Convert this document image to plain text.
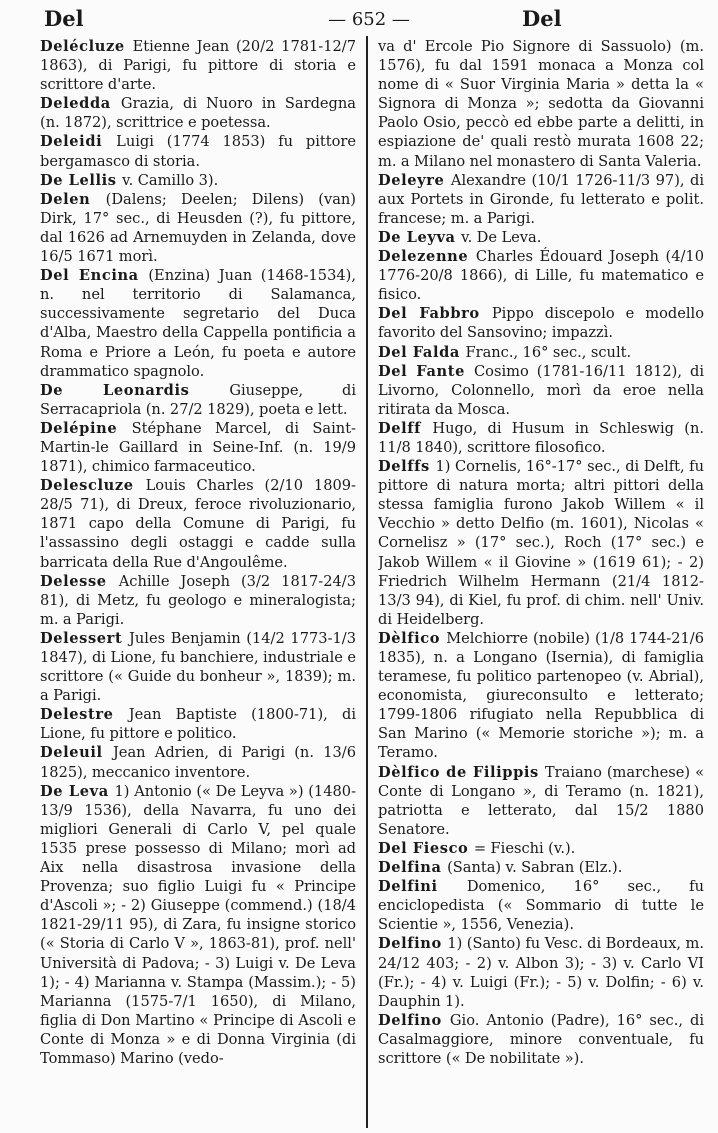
Del	— 652 —	Del
Delécluze Etienne Jean (20/2 1781-12/7 1863), di Parigi, fu pittore di storia e scrittore d'arte.
Deledda Grazia, di Nuoro in Sardegna (n. 1872), scrittrice e poetessa.
Deleidi Luigi (1774 1853) fu pittore bergamasco di storia.
De Lellis v. Camillo 3).
Delen (Dalens; Deelen; Dilens) (van) Dirk, 17° sec., di Heusden (?), fu pittore, dal 1626 ad Arnemuyden in Zelanda, dove 16/5 1671 morì.
Del Encina (Enzina) Juan (1468-1534), n. nel territorio di Salamanca, successivamente segretario del Duca d'Alba, Maestro della Cappella pontificia a Roma e Priore a León, fu poeta e autore drammatico spagnolo.
De Leonardis Giuseppe, di Serracapriola (n. 27/2 1829), poeta e lett.
Delépine Stéphane Marcel, di Saint-Martin-le Gaillard in Seine-Inf. (n. 19/9 1871), chimico farmaceutico.
Delescluze Louis Charles (2/10 1809-28/5 71), di Dreux, feroce rivoluzionario, 1871 capo della Comune di Parigi, fu l'assassino degli ostaggi e cadde sulla barricata della Rue d'Angoulême.
Delesse Achille Joseph (3/2 1817-24/3 81), di Metz, fu geologo e mineralogista; m. a Parigi.
Delessert Jules Benjamin (14/2 1773-1/3 1847), di Lione, fu banchiere, industriale e scrittore (« Guide du bonheur », 1839); m. a Parigi.
Delestre Jean Baptiste (1800-71), di Lione, fu pittore e politico.
Deleuil Jean Adrien, di Parigi (n. 13/6 1825), meccanico inventore.
De Leva 1) Antonio (« De Leyva ») (1480-13/9 1536), della Navarra, fu uno dei migliori Generali di Carlo V, pel quale 1535 prese possesso di Milano; morì ad Aix nella disastrosa invasione della Provenza; suo figlio Luigi fu « Principe d'Ascoli »; - 2) Giuseppe (commend.) (18/4 1821-29/11 95), di Zara, fu insigne storico (« Storia di Carlo V », 1863-81), prof. nell' Università di Padova; - 3) Luigi v. De Leva 1); - 4) Marianna v. Stampa (Massim.); - 5) Marianna (1575-7/1 1650), di Milano, figlia di Don Martino « Principe di Ascoli e Conte di Monza » e di Donna Virginia (di Tommaso) Marino (vedo-
va d' Ercole Pio Signore di Sassuolo) (m. 1576), fu dal 1591 monaca a Monza col nome di « Suor Virginia Maria » detta la « Signora di Monza »; sedotta da Giovanni Paolo Osio, peccò ed ebbe parte a delitti, in espiazione de' quali restò murata 1608 22; m. a Milano nel monastero di Santa Valeria.
Deleyre Alexandre (10/1 1726-11/3 97), di aux Portets in Gironde, fu letterato e polit. francese; m. a Parigi.
De Leyva v. De Leva.
Delezenne Charles Édouard Joseph (4/10 1776-20/8 1866), di Lille, fu matematico e fisico.
Del Fabbro Pippo discepolo e modello favorito del Sansovino; impazzì.
Del Falda Franc., 16° sec., scult.
Del Fante Cosimo (1781-16/11 1812), di Livorno, Colonnello, morì da eroe nella ritirata da Mosca.
Delff Hugo, di Husum in Schleswig (n. 11/8 1840), scrittore filosofico.
Delffs 1) Cornelis, 16°-17° sec., di Delft, fu pittore di natura morta; altri pittori della stessa famiglia furono Jakob Willem « il Vecchio » detto Delfio (m. 1601), Nicolas « Cornelisz » (17° sec.), Roch (17° sec.) e Jakob Willem « il Giovine » (1619 61); - 2) Friedrich Wilhelm Hermann (21/4 1812-13/3 94), di Kiel, fu prof. di chim. nell' Univ. di Heidelberg.
Dèlfico Melchiorre (nobile) (1/8 1744-21/6 1835), n. a Longano (Isernia), di famiglia teramese, fu politico partenopeo (v. Abrial), economista, giureconsulto e letterato; 1799-1806 rifugiato nella Repubblica di San Marino (« Memorie storiche »); m. a Teramo.
Dèlfico de Filippis Traiano (marchese) « Conte di Longano », di Teramo (n. 1821), patriotta e letterato, dal 15/2 1880 Senatore.
Del Fiesco = Fieschi (v.).
Delfina (Santa) v. Sabran (Elz.).
Delfini Domenico, 16° sec., fu enciclopedista (« Sommario di tutte le Scientie », 1556, Venezia).
Delfino 1) (Santo) fu Vesc. di Bordeaux, m. 24/12 403; - 2) v. Albon 3); - 3) v. Carlo VI (Fr.); - 4) v. Luigi (Fr.); - 5) v. Dolfin; - 6) v. Dauphin 1).
Delfino Gio. Antonio (Padre), 16° sec., di Casalmaggiore, minore conventuale, fu scrittore (« De nobilitate »).
